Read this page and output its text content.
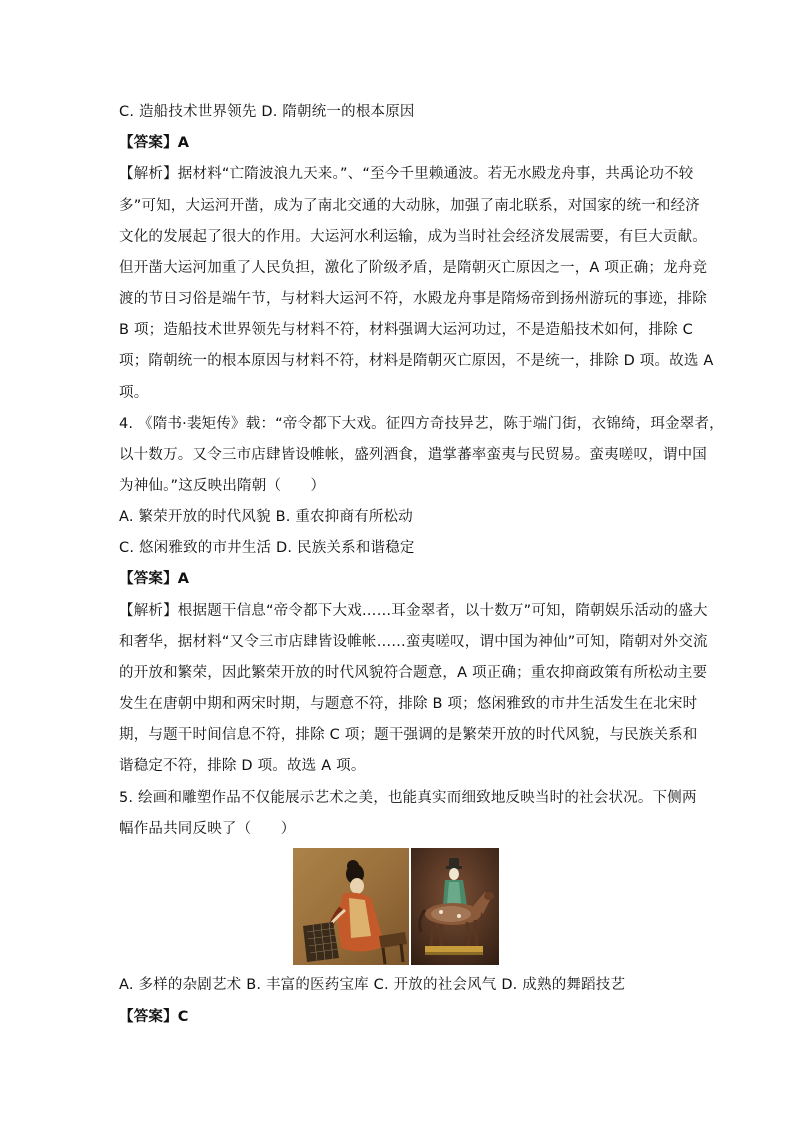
C. 造船技术世界领先 D. 隋朝统一的根本原因
【答案】A
【解析】据材料“亡隋波浪九天来。”、“至今千里赖通波。若无水殿龙舟事，共禹论功不较
多”可知，大运河开凿，成为了南北交通的大动脉，加强了南北联系，对国家的统一和经济
文化的发展起了很大的作用。大运河水利运输，成为当时社会经济发展需要，有巨大贡献。
但开凿大运河加重了人民负担，激化了阶级矛盾，是隋朝灭亡原因之一，A 项正确；龙舟竞
渡的节日习俗是端午节，与材料大运河不符，水殿龙舟事是隋炀帝到扬州游玩的事迹，排除
B 项；造船技术世界领先与材料不符，材料强调大运河功过，不是造船技术如何，排除 C
项；隋朝统一的根本原因与材料不符，材料是隋朝灭亡原因，不是统一，排除 D 项。故选 A
项。
4. 《隋书·裴矩传》载：“帝令都下大戏。征四方奇技异艺，陈于端门街，衣锦绮，珥金翠者，
以十数万。又令三市店肆皆设帷帐，盛列酒食，遣掌蕃率蛮夷与民贸易。蛮夷嗟叹，谓中国
为神仙。”这反映出隋朝（　　）
A. 繁荣开放的时代风貌 B. 重农抑商有所松动
C. 悠闲雅致的市井生活 D. 民族关系和谐稳定
【答案】A
【解析】根据题干信息“帝令都下大戏……耳金翠者，以十数万”可知，隋朝娱乐活动的盛大
和奢华，据材料“又令三市店肆皆设帷帐……蛮夷嗟叹，谓中国为神仙”可知，隋朝对外交流
的开放和繁荣，因此繁荣开放的时代风貌符合题意，A 项正确；重农抑商政策有所松动主要
发生在唐朝中期和两宋时期，与题意不符，排除 B 项；悠闲雅致的市井生活发生在北宋时
期，与题干时间信息不符，排除 C 项；题干强调的是繁荣开放的时代风貌，与民族关系和
谐稳定不符，排除 D 项。故选 A 项。
5. 绘画和雕塑作品不仅能展示艺术之美，也能真实而细致地反映当时的社会状况。下侧两
幅作品共同反映了（　　）
A. 多样的杂剧艺术 B. 丰富的医药宝库 C. 开放的社会风气 D. 成熟的舞蹈技艺
【答案】C
